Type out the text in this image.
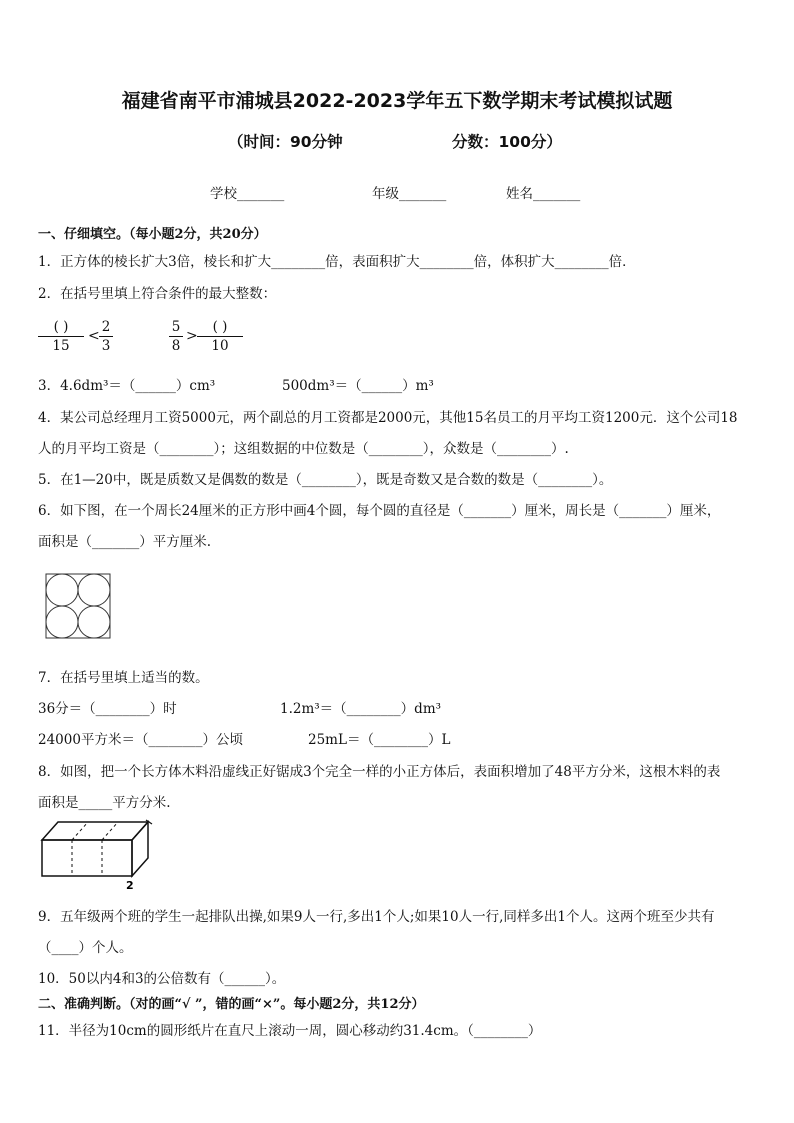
福建省南平市浦城县2022-2023学年五下数学期末考试模拟试题
（时间：90分钟	分数：100分）
学校_______	年级_______	姓名_______
一、仔细填空。（每小题2分，共20分）
1．正方体的棱长扩大3倍，棱长和扩大________倍，表面积扩大________倍，体积扩大________倍．
2．在括号里填上符合条件的最大整数：
( )
15
<
2
3
5
8
>
( )
10
3．4.6dm³＝（______）cm³	500dm³＝（______）m³
4．某公司总经理月工资5000元，两个副总的月工资都是2000元，其他15名员工的月平均工资1200元．这个公司18
人的月平均工资是（________）；这组数据的中位数是（________），众数是（________）.
5．在1—20中，既是质数又是偶数的数是（________），既是奇数又是合数的数是（________）。
6．如下图，在一个周长24厘米的正方形中画4个圆，每个圆的直径是（_______）厘米，周长是（_______）厘米，
面积是（_______）平方厘米.
7．在括号里填上适当的数。
36分＝（________）时	1.2m³＝（________）dm³
24000平方米＝（________）公顷	25mL＝（________）L
8．如图，把一个长方体木料沿虚线正好锯成3个完全一样的小正方体后，表面积增加了48平方分米，这根木料的表
面积是_____平方分米.
2
9．五年级两个班的学生一起排队出操,如果9人一行,多出1个人;如果10人一行,同样多出1个人。这两个班至少共有
（____）个人。
10．50以内4和3的公倍数有（______）。
二、准确判断。（对的画“√ ”，错的画“×”。每小题2分，共12分）
11．半径为10cm的圆形纸片在直尺上滚动一周，圆心移动约31.4cm。（________）
